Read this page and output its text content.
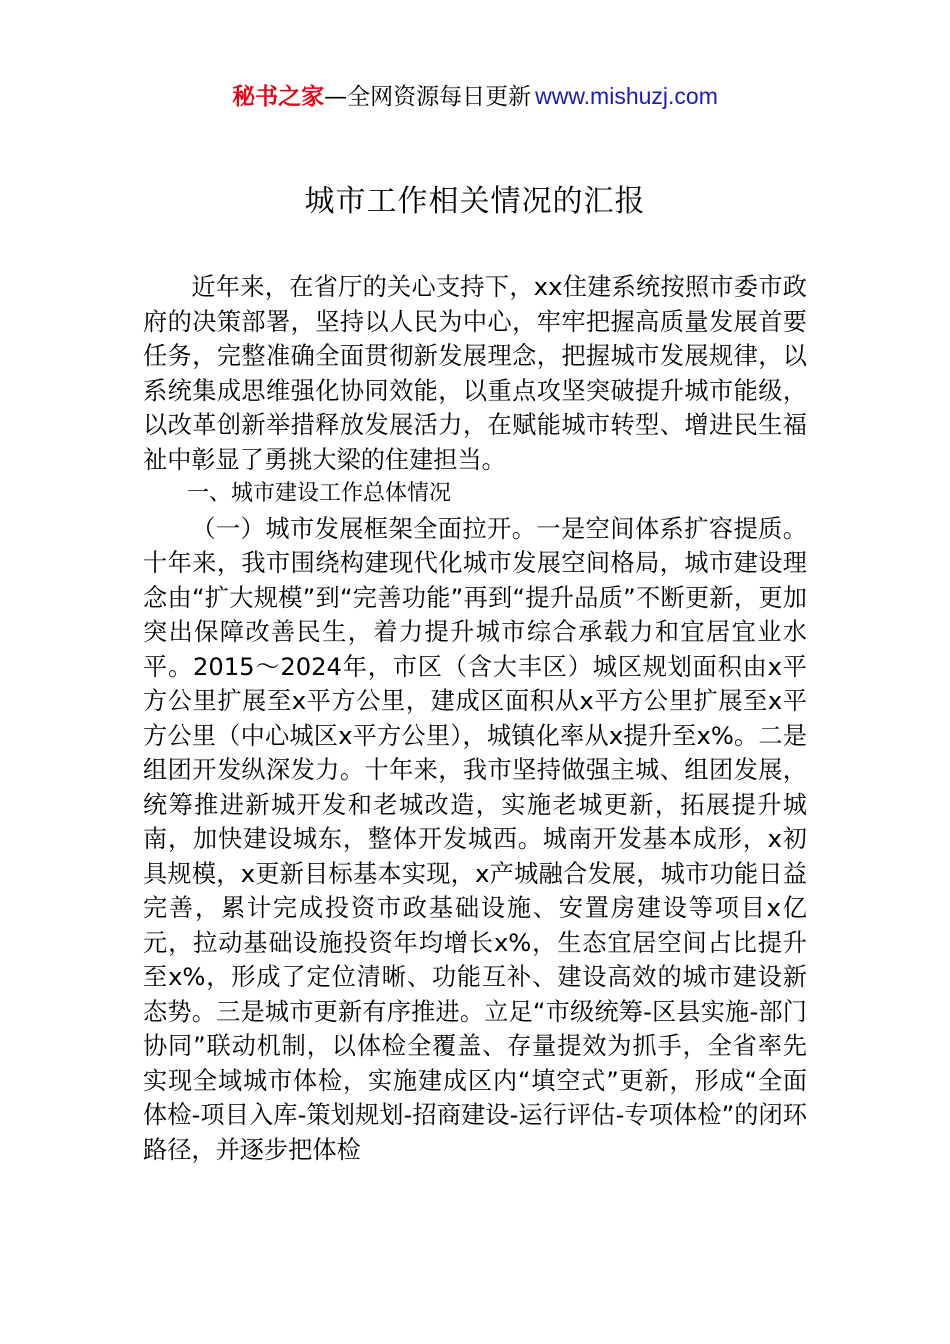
秘书之家—全网资源每日更新 www.mishuzj.com
城市工作相关情况的汇报

近年来，在省厅的关心支持下，xx住建系统按照市委市政府的决策部署，坚持以人民为中心，牢牢把握高质量发展首要任务，完整准确全面贯彻新发展理念，把握城市发展规律，以系统集成思维强化协同效能，以重点攻坚突破提升城市能级，以改革创新举措释放发展活力，在赋能城市转型、增进民生福祉中彰显了勇挑大梁的住建担当。

一、城市建设工作总体情况

（一）城市发展框架全面拉开。一是空间体系扩容提质。十年来，我市围绕构建现代化城市发展空间格局，城市建设理念由“扩大规模”到“完善功能”再到“提升品质”不断更新，更加突出保障改善民生，着力提升城市综合承载力和宜居宜业水平。2015～2024年，市区（含大丰区）城区规划面积由x平方公里扩展至x平方公里，建成区面积从x平方公里扩展至x平方公里（中心城区x平方公里），城镇化率从x提升至x%。二是组团开发纵深发力。十年来，我市坚持做强主城、组团发展，统筹推进新城开发和老城改造，实施老城更新，拓展提升城南，加快建设城东，整体开发城西。城南开发基本成形，x初具规模，x更新目标基本实现，x产城融合发展，城市功能日益完善，累计完成投资市政基础设施、安置房建设等项目x亿元，拉动基础设施投资年均增长x%，生态宜居空间占比提升至x%，形成了定位清晰、功能互补、建设高效的城市建设新态势。三是城市更新有序推进。立足“市级统筹-区县实施-部门协同”联动机制，以体检全覆盖、存量提效为抓手，全省率先实现全域城市体检，实施建成区内“填空式”更新，形成“全面体检-项目入库-策划规划-招商建设-运行评估-专项体检”的闭环路径，并逐步把体检
